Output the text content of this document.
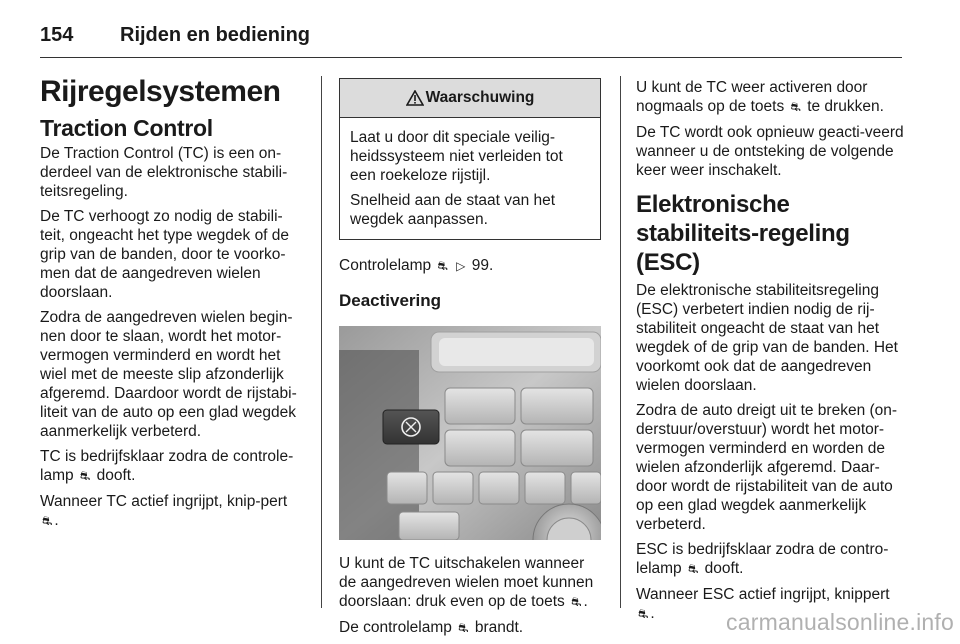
154	Rijden en bediening
Rijregelsystemen
Traction Control

De Traction Control (TC) is een on-derdeel van de elektronische stabili-teitsregeling.

De TC verhoogt zo nodig de stabili-teit, ongeacht het type wegdek of de grip van de banden, door te voorko-men dat de aangedreven wielen doorslaan.

Zodra de aangedreven wielen begin-nen door te slaan, wordt het motor-vermogen verminderd en wordt het wiel met de meeste slip afzonderlijk afgeremd. Daardoor wordt de rijstabi-liteit van de auto op een glad wegdek aanmerkelijk verbeterd.

TC is bedrijfsklaar zodra de controle-lamp ⛐ dooft.

Wanneer TC actief ingrijpt, knip-pert ⛐ .

Waarschuwing

Laat u door dit speciale veilig-heidssysteem niet verleiden tot een roekeloze rijstijl.

Snelheid aan de staat van het wegdek aanpassen.

Controlelamp ⛐ ▷ 99.

Deactivering

U kunt de TC uitschakelen wanneer de aangedreven wielen moet kunnen doorslaan: druk even op de toets ⛐ .

De controlelamp ⛐ brandt.

U kunt de TC weer activeren door nogmaals op de toets ⛐ te drukken.

De TC wordt ook opnieuw geacti-veerd wanneer u de ontsteking de volgende keer weer inschakelt.

Elektronische stabiliteits-regeling (ESC)

De elektronische stabiliteitsregeling (ESC) verbetert indien nodig de rij-stabiliteit ongeacht de staat van het wegdek of de grip van de banden. Het voorkomt ook dat de aangedreven wielen doorslaan.

Zodra de auto dreigt uit te breken (on-derstuur/overstuur) wordt het motor-vermogen verminderd en worden de wielen afzonderlijk afgeremd. Daar-door wordt de rijstabiliteit van de auto op een glad wegdek aanmerkelijk verbeterd.

ESC is bedrijfsklaar zodra de contro-lelamp ⛐ dooft.

Wanneer ESC actief ingrijpt, knippert ⛐ .	carmanualsonline.info
